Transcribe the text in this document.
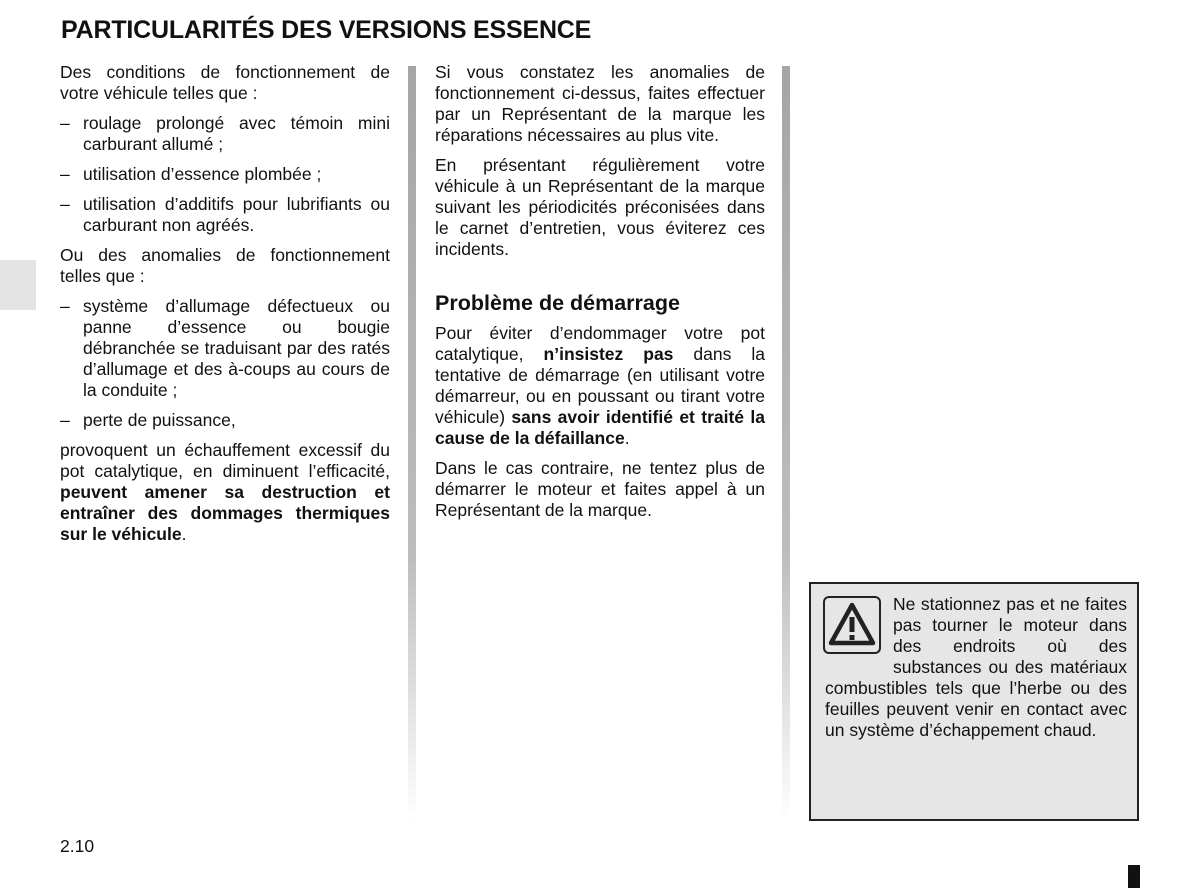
PARTICULARITÉS DES VERSIONS ESSENCE

Des conditions de fonctionnement de votre véhicule telles que :

– roulage prolongé avec témoin mini carburant allumé ;
– utilisation d’essence plombée ;
– utilisation d’additifs pour lubrifiants ou carburant non agréés.

Ou des anomalies de fonctionnement telles que :

– système d’allumage défectueux ou panne d’essence ou bougie débranchée se traduisant par des ratés d’allumage et des à-coups au cours de la conduite ;
– perte de puissance,

provoquent un échauffement excessif du pot catalytique, en diminuent l’efficacité, peuvent amener sa destruction et entraîner des dommages thermiques sur le véhicule.

Si vous constatez les anomalies de fonctionnement ci-dessus, faites effectuer par un Représentant de la marque les réparations nécessaires au plus vite.

En présentant régulièrement votre véhicule à un Représentant de la marque suivant les périodicités préconisées dans le carnet d’entretien, vous éviterez ces incidents.

Problème de démarrage

Pour éviter d’endommager votre pot catalytique, n’insistez pas dans la tentative de démarrage (en utilisant votre démarreur, ou en poussant ou tirant votre véhicule) sans avoir identifié et traité la cause de la défaillance.

Dans le cas contraire, ne tentez plus de démarrer le moteur et faites appel à un Représentant de la marque.

Ne stationnez pas et ne faites pas tourner le moteur dans des endroits où des substances ou des matériaux combustibles tels que l’herbe ou des feuilles peuvent venir en contact avec un système d’échappement chaud.
2.10
